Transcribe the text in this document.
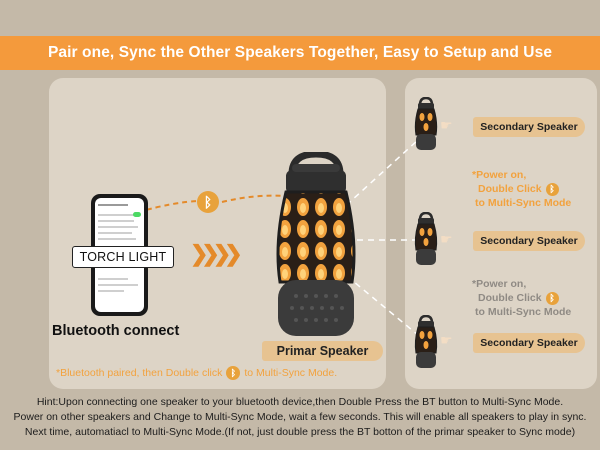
Pair one, Sync the Other Speakers Together, Easy to Setup and Use
TORCH LIGHT
Bluetooth connect
ᛒ
❯❯❯❯
Primar Speaker
*Bluetooth paired, then Double click ᛒ to Multi-Sync Mode.
☛	Secondary Speaker
☛	Secondary Speaker
☛	Secondary Speaker
*Power on,
Double Click ᛒ
to Multi-Sync Mode
*Power on,
Double Click ᛒ
to Multi-Sync Mode
Hint:Upon connecting one speaker to your bluetooth device,then Double Press the BT button to Multi-Sync Mode.
Power on other speakers and Change to Multi-Sync Mode, wait a few seconds. This will enable all speakers to play in sync.
Next time, automatiacl to Multi-Sync Mode.(If not, just double press the BT botton of the primar speaker to Sync mode)
